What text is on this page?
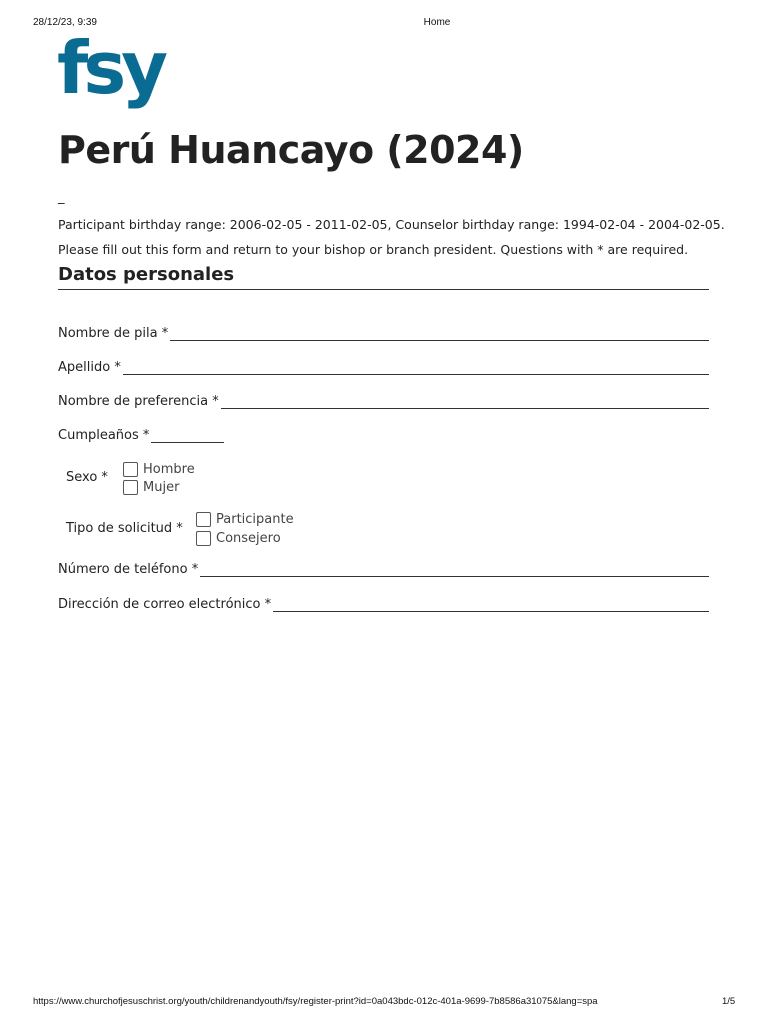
28/12/23, 9:39	Home
fsy
Perú Huancayo (2024)
_
Participant birthday range: 2006-02-05 - 2011-02-05, Counselor birthday range: 1994-02-04 - 2004-02-05.
Please fill out this form and return to your bishop or branch president. Questions with * are required.
Datos personales
Nombre de pila *
Apellido *
Nombre de preferencia *
Cumpleaños *
Sexo *
Hombre
Mujer
Tipo de solicitud *
Participante
Consejero
Número de teléfono *
Dirección de correo electrónico *
https://www.churchofjesuschrist.org/youth/childrenandyouth/fsy/register-print?id=0a043bdc-012c-401a-9699-7b8586a31075&lang=spa	1/5
